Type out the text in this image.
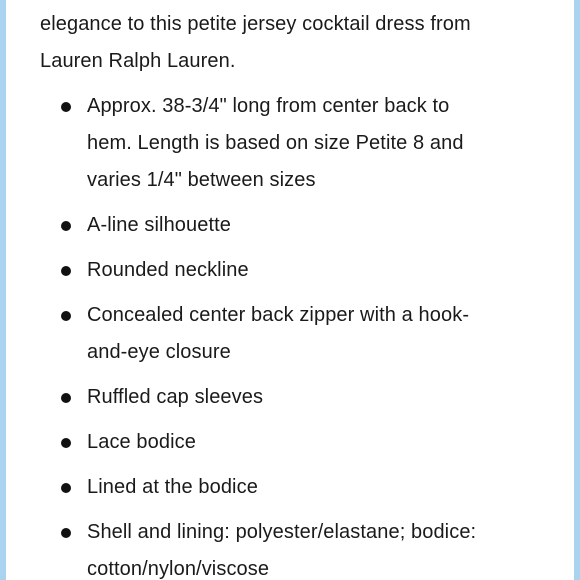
elegance to this petite jersey cocktail dress from
Lauren Ralph Lauren.

Approx. 38-3/4" long from center back to
hem. Length is based on size Petite 8 and
varies 1/4" between sizes
A-line silhouette
Rounded neckline
Concealed center back zipper with a hook-
and-eye closure
Ruffled cap sleeves
Lace bodice
Lined at the bodice
Shell and lining: polyester/elastane; bodice:
cotton/nylon/viscose
